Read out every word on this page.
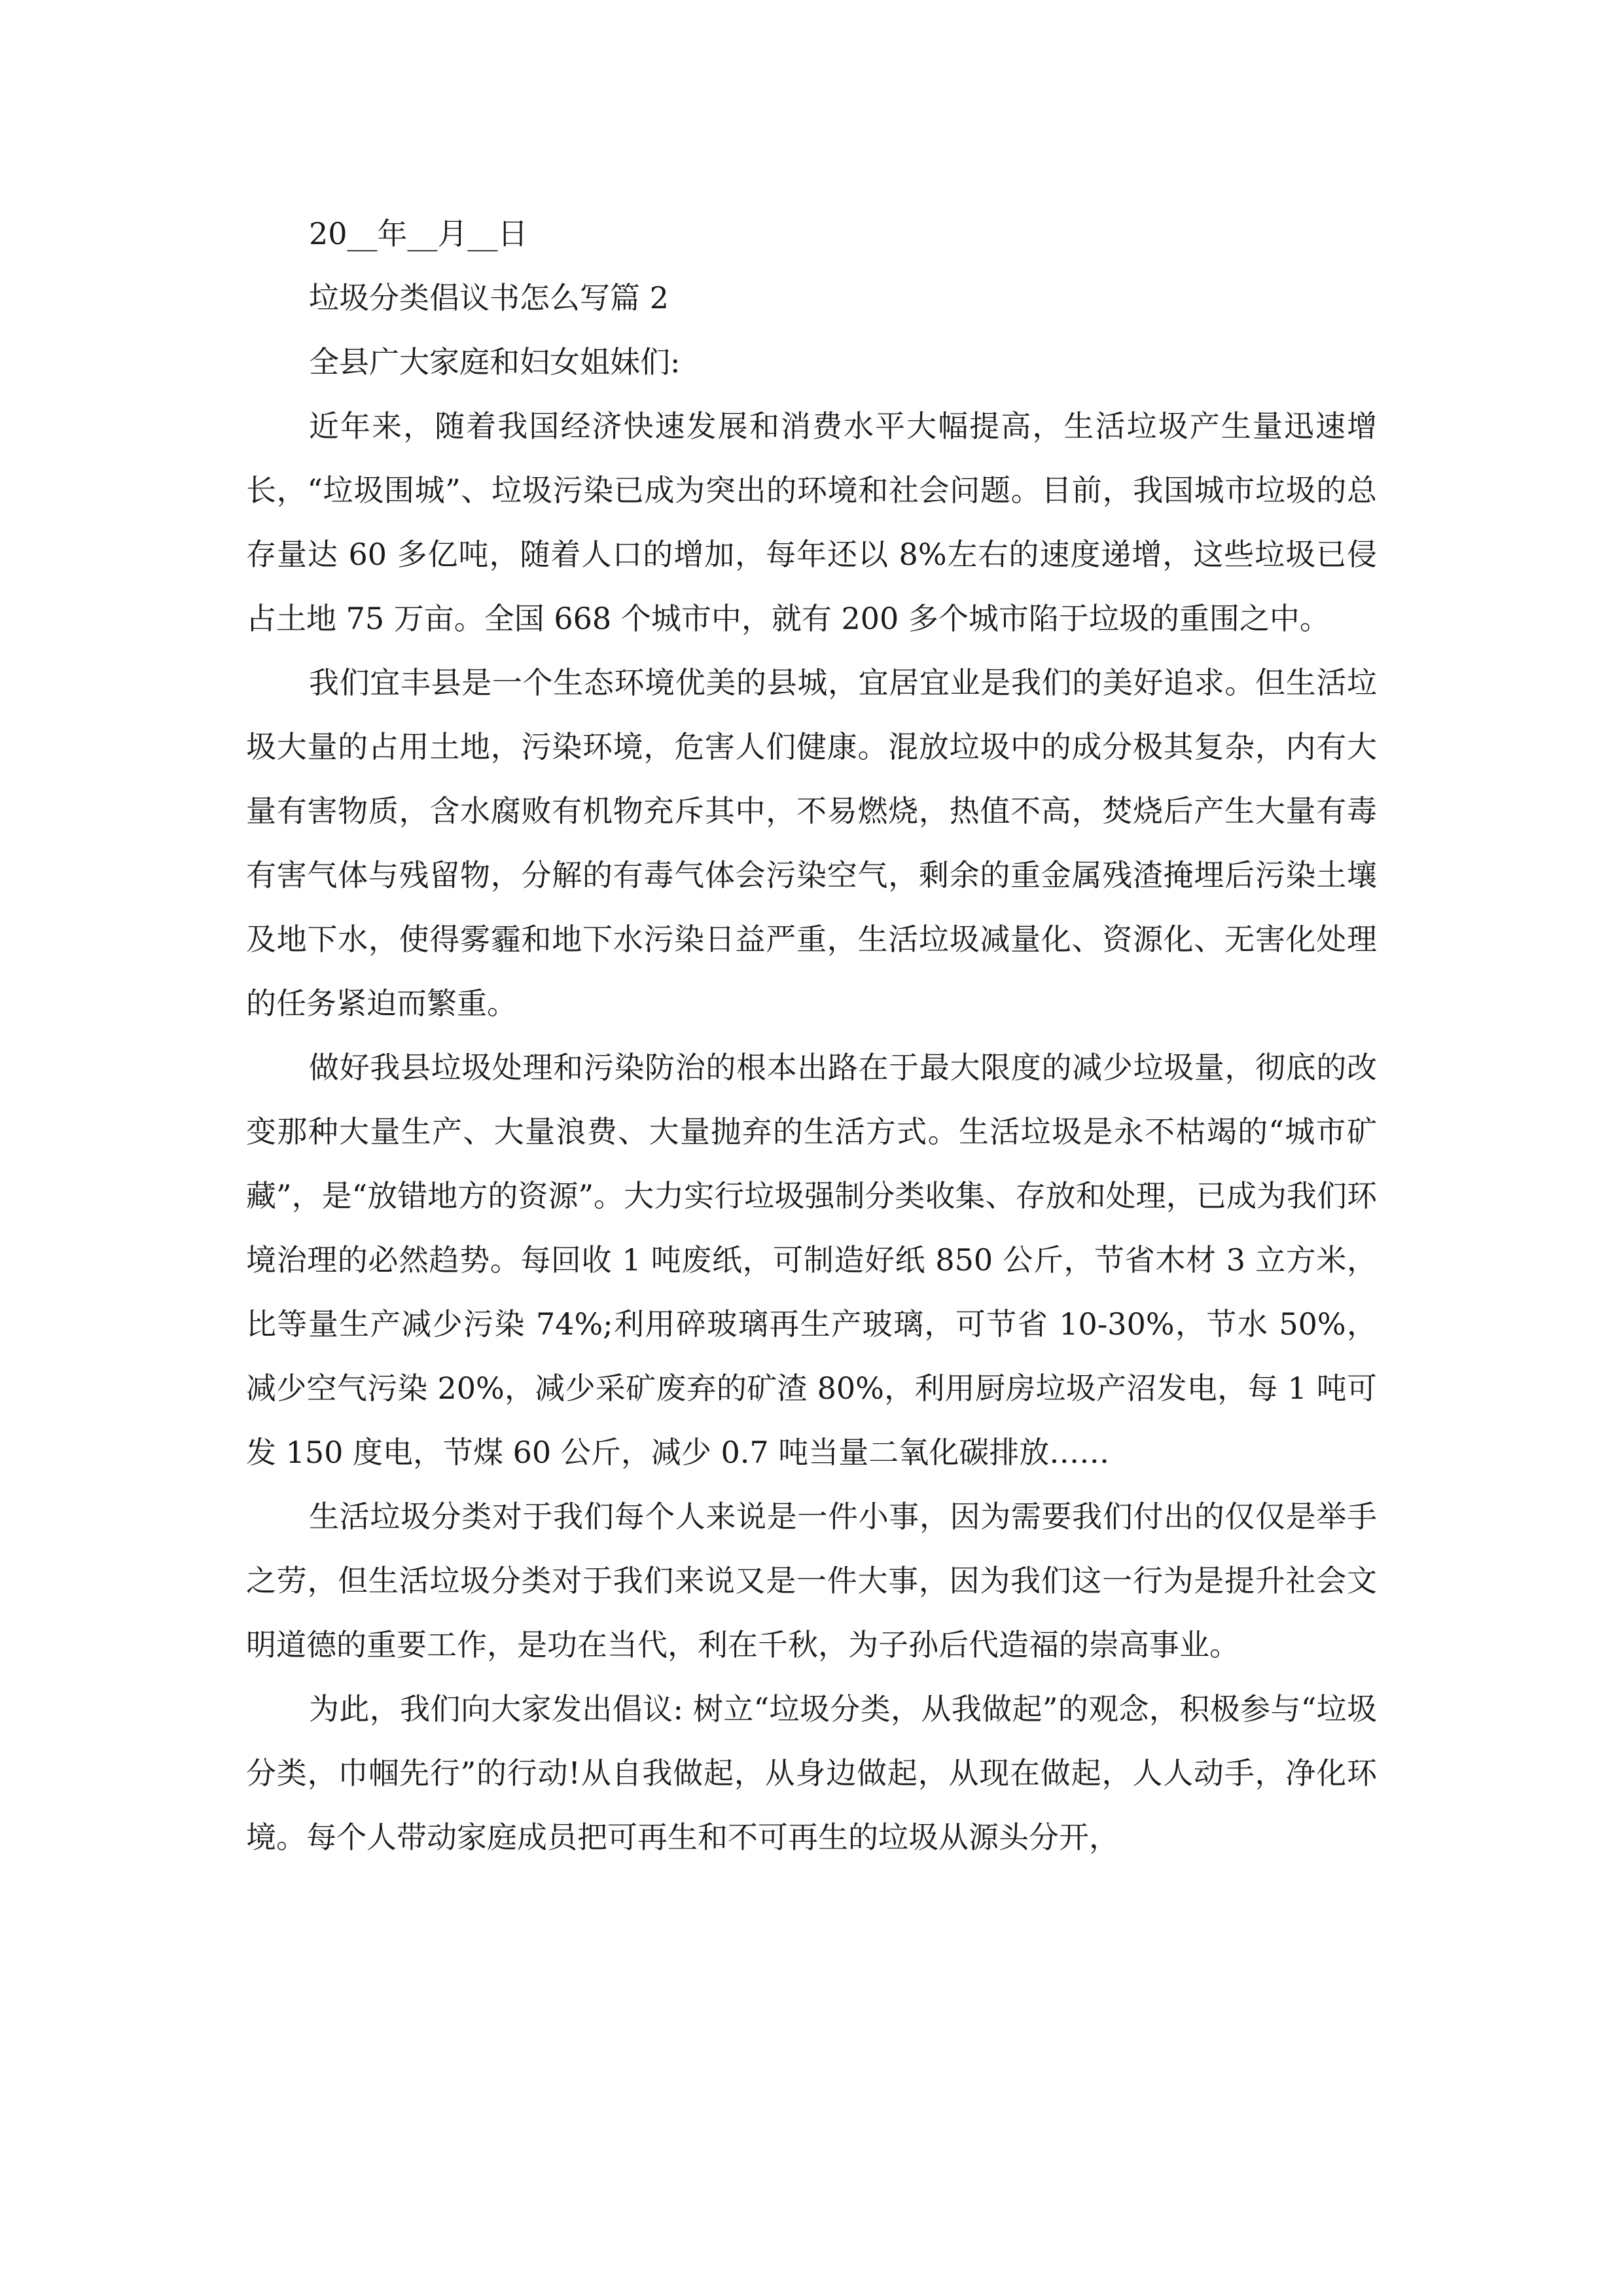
20__年__月__日

垃圾分类倡议书怎么写篇 2

全县广大家庭和妇女姐妹们:

近年来，随着我国经济快速发展和消费水平大幅提高，生活垃圾产生量迅速增长，“垃圾围城”、垃圾污染已成为突出的环境和社会问题。目前，我国城市垃圾的总存量达 60 多亿吨，随着人口的增加，每年还以 8%左右的速度递增，这些垃圾已侵占土地 75 万亩。全国 668 个城市中，就有 200 多个城市陷于垃圾的重围之中。

我们宜丰县是一个生态环境优美的县城，宜居宜业是我们的美好追求。但生活垃圾大量的占用土地，污染环境，危害人们健康。混放垃圾中的成分极其复杂，内有大量有害物质，含水腐败有机物充斥其中，不易燃烧，热值不高，焚烧后产生大量有毒有害气体与残留物，分解的有毒气体会污染空气，剩余的重金属残渣掩埋后污染土壤及地下水，使得雾霾和地下水污染日益严重，生活垃圾减量化、资源化、无害化处理的任务紧迫而繁重。

做好我县垃圾处理和污染防治的根本出路在于最大限度的减少垃圾量，彻底的改变那种大量生产、大量浪费、大量抛弃的生活方式。生活垃圾是永不枯竭的“城市矿藏”，是“放错地方的资源”。大力实行垃圾强制分类收集、存放和处理，已成为我们环境治理的必然趋势。每回收 1 吨废纸，可制造好纸 850 公斤，节省木材 3 立方米，比等量生产减少污染 74%;利用碎玻璃再生产玻璃，可节省 10-30%，节水 50%，减少空气污染 20%，减少采矿废弃的矿渣 80%，利用厨房垃圾产沼发电，每 1 吨可发 150 度电，节煤 60 公斤，减少 0.7 吨当量二氧化碳排放……

生活垃圾分类对于我们每个人来说是一件小事，因为需要我们付出的仅仅是举手之劳，但生活垃圾分类对于我们来说又是一件大事，因为我们这一行为是提升社会文明道德的重要工作，是功在当代，利在千秋，为子孙后代造福的崇高事业。

为此，我们向大家发出倡议: 树立“垃圾分类，从我做起”的观念，积极参与“垃圾分类，巾帼先行”的行动!从自我做起，从身边做起，从现在做起，人人动手，净化环境。每个人带动家庭成员把可再生和不可再生的垃圾从源头分开，
